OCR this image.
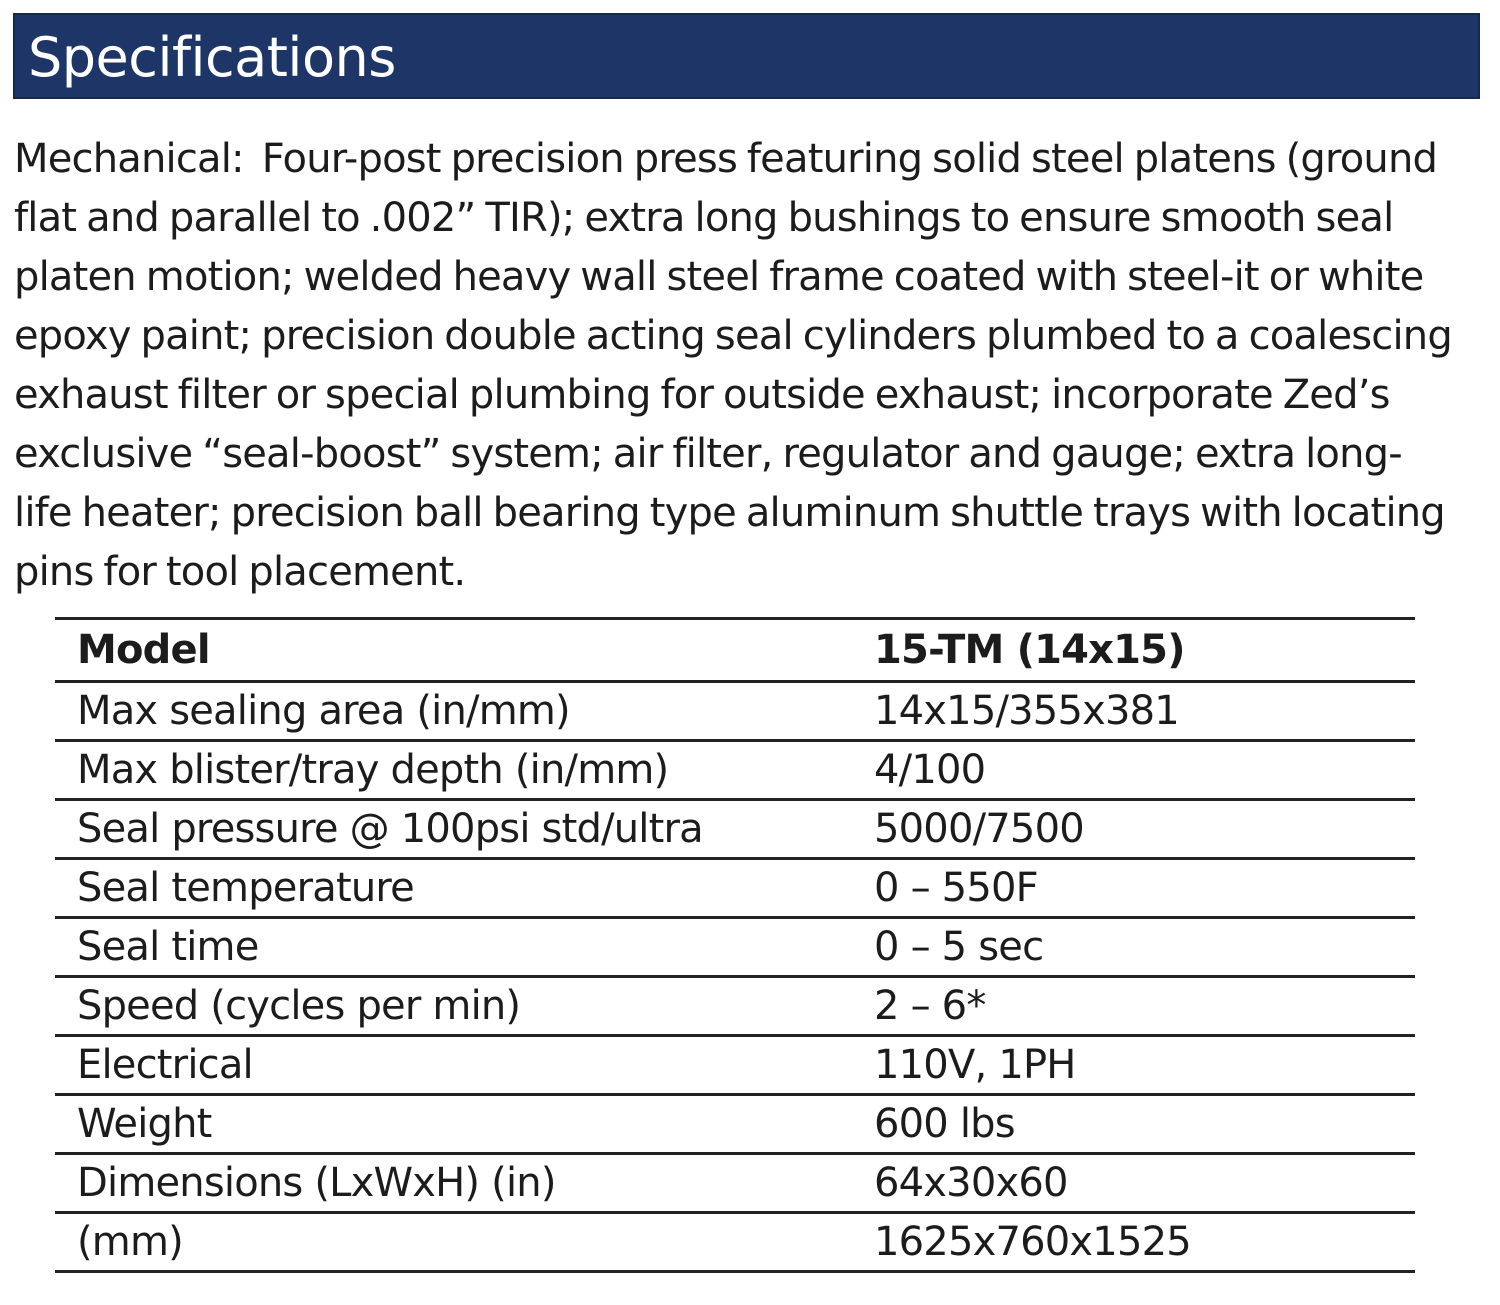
Specifications
Mechanical: Four-post precision press featuring solid steel platens (ground flat and parallel to .002” TIR); extra long bushings to ensure smooth seal platen motion; welded heavy wall steel frame coated with steel-it or white epoxy paint; precision double acting seal cylinders plumbed to a coalescing exhaust filter or special plumbing for outside exhaust; incorporate Zed’s exclusive “seal-boost” system; air filter, regulator and gauge; extra long-life heater; precision ball bearing type aluminum shuttle trays with locating pins for tool placement.
Model	15-TM (14x15)
Max sealing area (in/mm)	14x15/355x381
Max blister/tray depth (in/mm)	4/100
Seal pressure @ 100psi std/ultra	5000/7500
Seal temperature	0 – 550F
Seal time	0 – 5 sec
Speed (cycles per min)	2 – 6*
Electrical	110V, 1PH
Weight	600 lbs
Dimensions (LxWxH) (in)	64x30x60
(mm)	1625x760x1525
